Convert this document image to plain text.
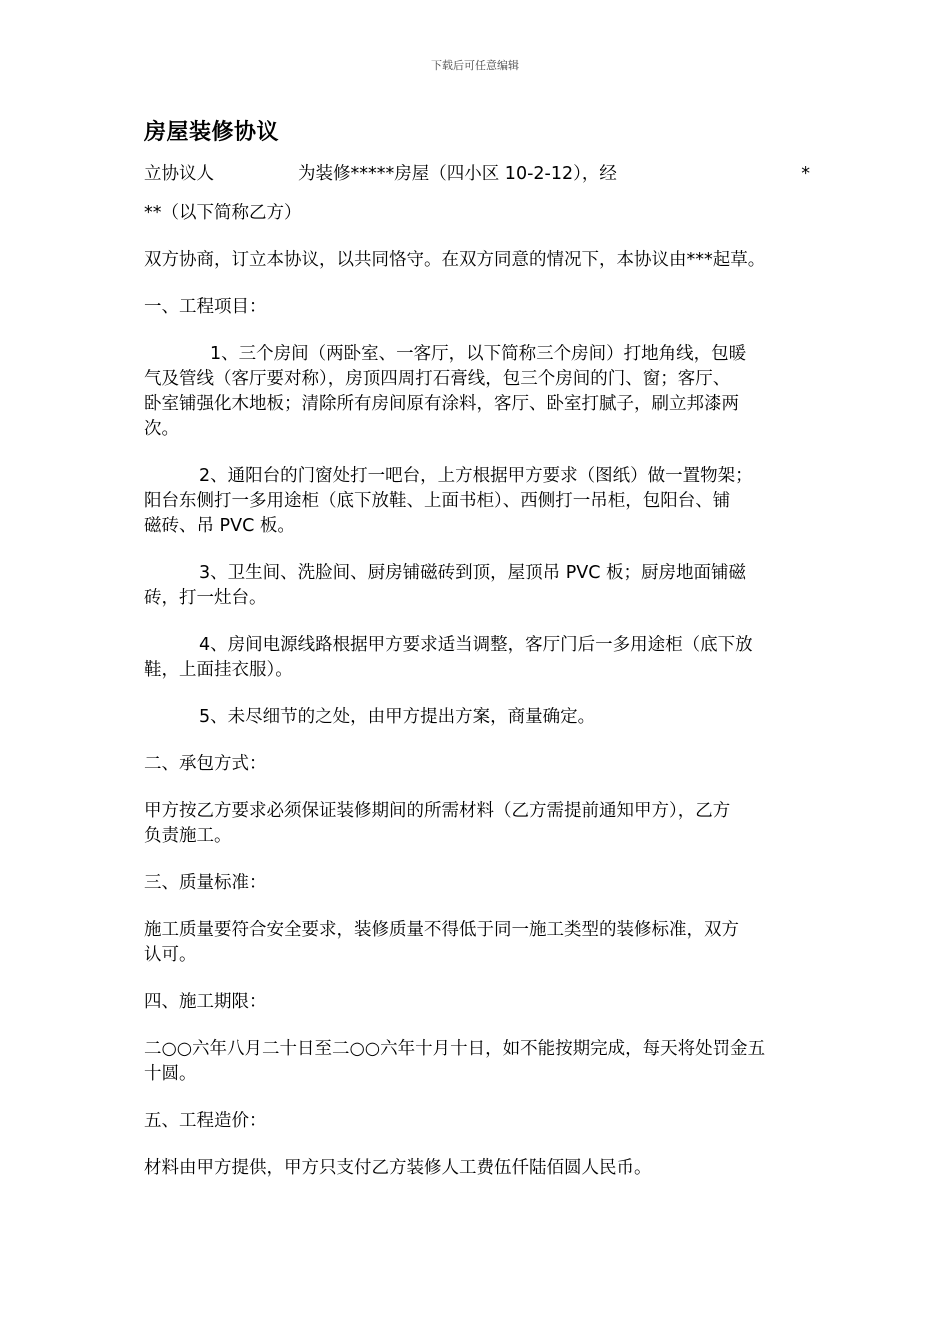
下载后可任意编辑
房屋装修协议

立协议人	为装修*****房屋（四小区 10-2-12），经	*

**（以下简称乙方）

双方协商，订立本协议，以共同恪守。在双方同意的情况下，本协议由***起草。

一、工程项目：

1、三个房间（两卧室、一客厅，以下简称三个房间）打地角线，包暖

气及管线（客厅要对称），房顶四周打石膏线，包三个房间的门、窗；客厅、

卧室铺强化木地板；清除所有房间原有涂料，客厅、卧室打腻子，刷立邦漆两

次。

2、通阳台的门窗处打一吧台，上方根据甲方要求（图纸）做一置物架；

阳台东侧打一多用途柜（底下放鞋、上面书柜）、西侧打一吊柜，包阳台、铺

磁砖、吊 PVC 板。

3、卫生间、洗脸间、厨房铺磁砖到顶，屋顶吊 PVC 板；厨房地面铺磁

砖，打一灶台。

4、房间电源线路根据甲方要求适当调整，客厅门后一多用途柜（底下放

鞋，上面挂衣服）。

5、未尽细节的之处，由甲方提出方案，商量确定。

二、承包方式：

甲方按乙方要求必须保证装修期间的所需材料（乙方需提前通知甲方），乙方

负责施工。

三、质量标准：

施工质量要符合安全要求，装修质量不得低于同一施工类型的装修标准，双方

认可。

四、施工期限：

二○○六年八月二十日至二○○六年十月十日，如不能按期完成，每天将处罚金五

十圆。

五、工程造价：

材料由甲方提供，甲方只支付乙方装修人工费伍仟陆佰圆人民币。
